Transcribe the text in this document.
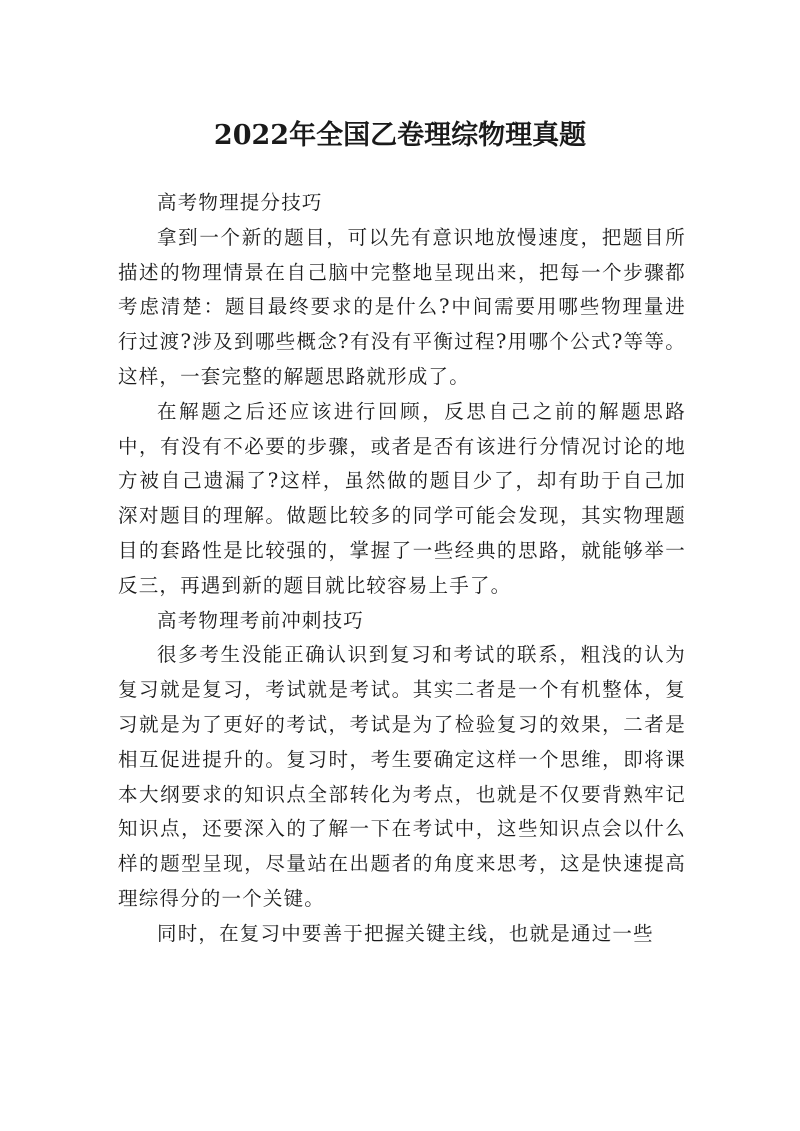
2022年全国乙卷理综物理真题

高考物理提分技巧

拿到一个新的题目，可以先有意识地放慢速度，把题目所描述的物理情景在自己脑中完整地呈现出来，把每一个步骤都考虑清楚：题目最终要求的是什么?中间需要用哪些物理量进行过渡?涉及到哪些概念?有没有平衡过程?用哪个公式?等等。这样，一套完整的解题思路就形成了。

在解题之后还应该进行回顾，反思自己之前的解题思路中，有没有不必要的步骤，或者是否有该进行分情况讨论的地方被自己遗漏了?这样，虽然做的题目少了，却有助于自己加深对题目的理解。做题比较多的同学可能会发现，其实物理题目的套路性是比较强的，掌握了一些经典的思路，就能够举一反三，再遇到新的题目就比较容易上手了。

高考物理考前冲刺技巧

很多考生没能正确认识到复习和考试的联系，粗浅的认为复习就是复习，考试就是考试。其实二者是一个有机整体，复习就是为了更好的考试，考试是为了检验复习的效果，二者是相互促进提升的。复习时，考生要确定这样一个思维，即将课本大纲要求的知识点全部转化为考点，也就是不仅要背熟牢记知识点，还要深入的了解一下在考试中，这些知识点会以什么样的题型呈现，尽量站在出题者的角度来思考，这是快速提高理综得分的一个关键。

同时，在复习中要善于把握关键主线，也就是通过一些
